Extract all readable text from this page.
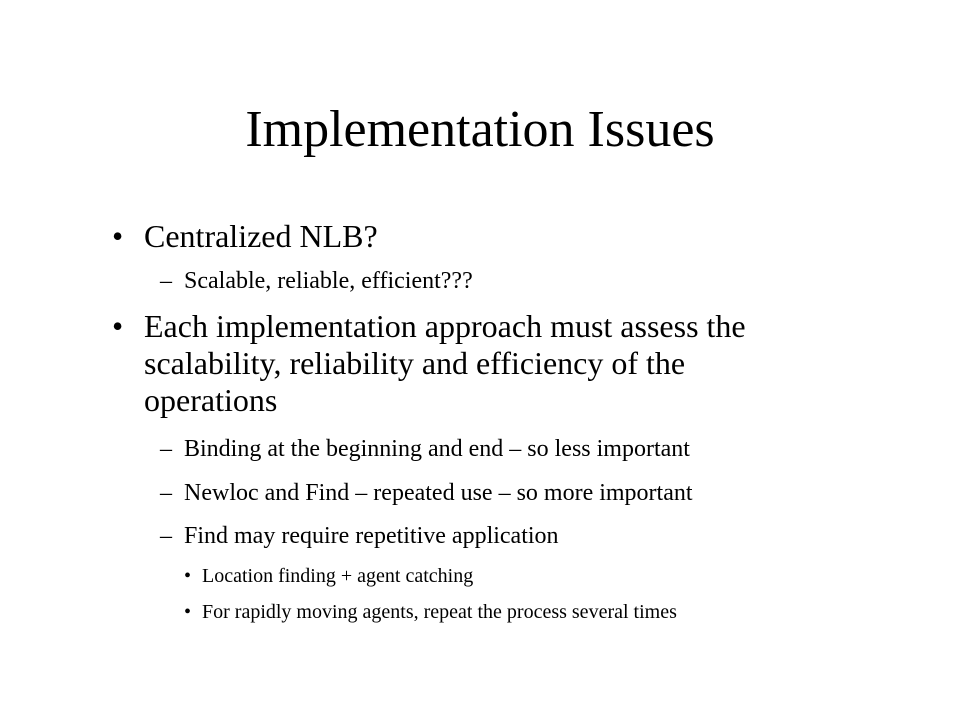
Implementation Issues
• Centralized NLB?
– Scalable, reliable, efficient???
• Each implementation approach must assess the
scalability, reliability and efficiency of the
operations
– Binding at the beginning and end – so less important
– Newloc and Find – repeated use – so more important
– Find may require repetitive application
• Location finding + agent catching
• For rapidly moving agents, repeat the process several times
